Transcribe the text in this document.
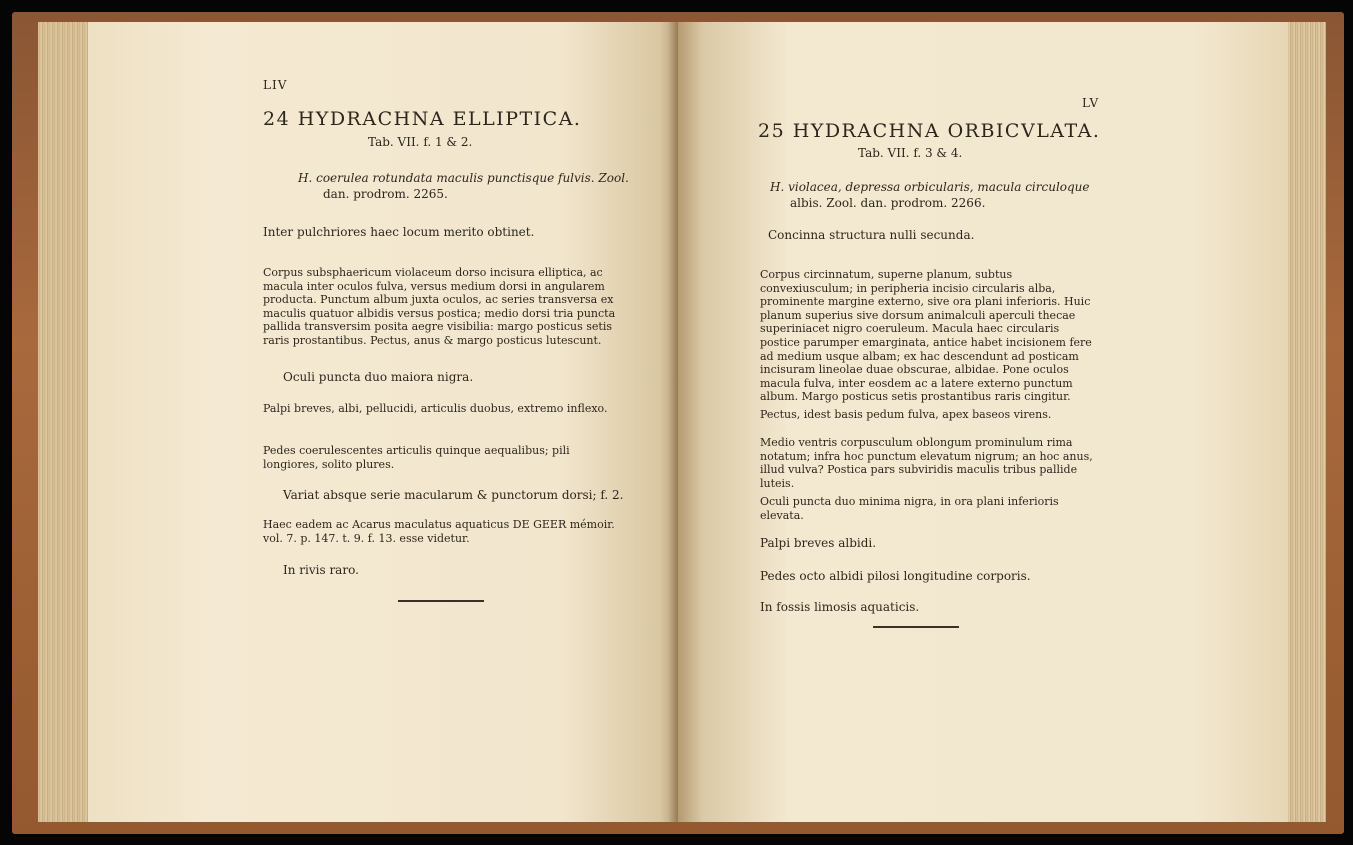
LIV
24 HYDRACHNA ELLIPTICA.
Tab. VII. f. 1 & 2.
H. coerulea rotundata maculis punctisque fulvis. Zool.
dan. prodrom. 2265.
Inter pulchriores haec locum merito obtinet.
Corpus subsphaericum violaceum dorso incisura elliptica, ac macula inter oculos fulva, versus medium dorsi in angularem producta. Punctum album juxta oculos, ac series transversa ex maculis quatuor albidis versus postica; medio dorsi tria puncta pallida transversim posita aegre visibilia: margo posticus setis raris prostantibus. Pectus, anus & margo posticus lutescunt.
Oculi puncta duo maiora nigra.
Palpi breves, albi, pellucidi, articulis duobus, extremo inflexo.
Pedes coerulescentes articulis quinque aequalibus; pili longiores, solito plures.
Variat absque serie macularum & punctorum dorsi; f. 2.
Haec eadem ac Acarus maculatus aquaticus DE GEER mémoir. vol. 7. p. 147. t. 9. f. 13. esse videtur.
In rivis raro.
LV
25 HYDRACHNA ORBICVLATA.
Tab. VII. f. 3 & 4.
H. violacea, depressa orbicularis, macula circuloque
albis. Zool. dan. prodrom. 2266.
Concinna structura nulli secunda.
Corpus circinnatum, superne planum, subtus convexiusculum; in peripheria incisio circularis alba, prominente margine externo, sive ora plani inferioris. Huic planum superius sive dorsum animalculi aperculi thecae superiniacet nigro coeruleum. Macula haec circularis postice parumper emarginata, antice habet incisionem fere ad medium usque albam; ex hac descendunt ad posticam incisuram lineolae duae obscurae, albidae. Pone oculos macula fulva, inter eosdem ac a latere externo punctum album. Margo posticus setis prostantibus raris cingitur.
Pectus, idest basis pedum fulva, apex baseos virens.
Medio ventris corpusculum oblongum prominulum rima notatum; infra hoc punctum elevatum nigrum; an hoc anus, illud vulva? Postica pars subviridis maculis tribus pallide luteis.
Oculi puncta duo minima nigra, in ora plani inferioris elevata.
Palpi breves albidi.
Pedes octo albidi pilosi longitudine corporis.
In fossis limosis aquaticis.
